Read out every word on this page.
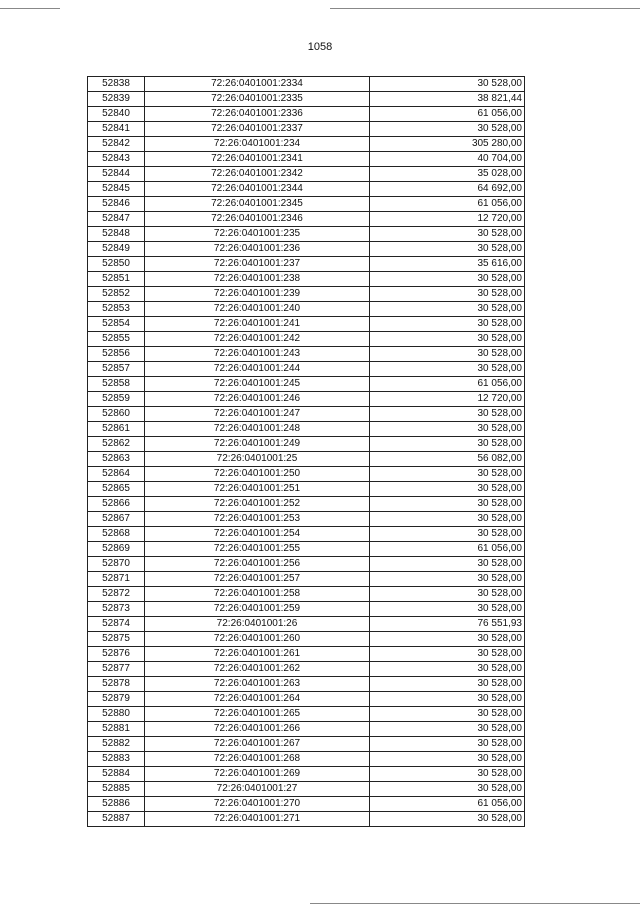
1058
52838	72:26:0401001:2334	30 528,00
52839	72:26:0401001:2335	38 821,44
52840	72:26:0401001:2336	61 056,00
52841	72:26:0401001:2337	30 528,00
52842	72:26:0401001:234	305 280,00
52843	72:26:0401001:2341	40 704,00
52844	72:26:0401001:2342	35 028,00
52845	72:26:0401001:2344	64 692,00
52846	72:26:0401001:2345	61 056,00
52847	72:26:0401001:2346	12 720,00
52848	72:26:0401001:235	30 528,00
52849	72:26:0401001:236	30 528,00
52850	72:26:0401001:237	35 616,00
52851	72:26:0401001:238	30 528,00
52852	72:26:0401001:239	30 528,00
52853	72:26:0401001:240	30 528,00
52854	72:26:0401001:241	30 528,00
52855	72:26:0401001:242	30 528,00
52856	72:26:0401001:243	30 528,00
52857	72:26:0401001:244	30 528,00
52858	72:26:0401001:245	61 056,00
52859	72:26:0401001:246	12 720,00
52860	72:26:0401001:247	30 528,00
52861	72:26:0401001:248	30 528,00
52862	72:26:0401001:249	30 528,00
52863	72:26:0401001:25	56 082,00
52864	72:26:0401001:250	30 528,00
52865	72:26:0401001:251	30 528,00
52866	72:26:0401001:252	30 528,00
52867	72:26:0401001:253	30 528,00
52868	72:26:0401001:254	30 528,00
52869	72:26:0401001:255	61 056,00
52870	72:26:0401001:256	30 528,00
52871	72:26:0401001:257	30 528,00
52872	72:26:0401001:258	30 528,00
52873	72:26:0401001:259	30 528,00
52874	72:26:0401001:26	76 551,93
52875	72:26:0401001:260	30 528,00
52876	72:26:0401001:261	30 528,00
52877	72:26:0401001:262	30 528,00
52878	72:26:0401001:263	30 528,00
52879	72:26:0401001:264	30 528,00
52880	72:26:0401001:265	30 528,00
52881	72:26:0401001:266	30 528,00
52882	72:26:0401001:267	30 528,00
52883	72:26:0401001:268	30 528,00
52884	72:26:0401001:269	30 528,00
52885	72:26:0401001:27	30 528,00
52886	72:26:0401001:270	61 056,00
52887	72:26:0401001:271	30 528,00
